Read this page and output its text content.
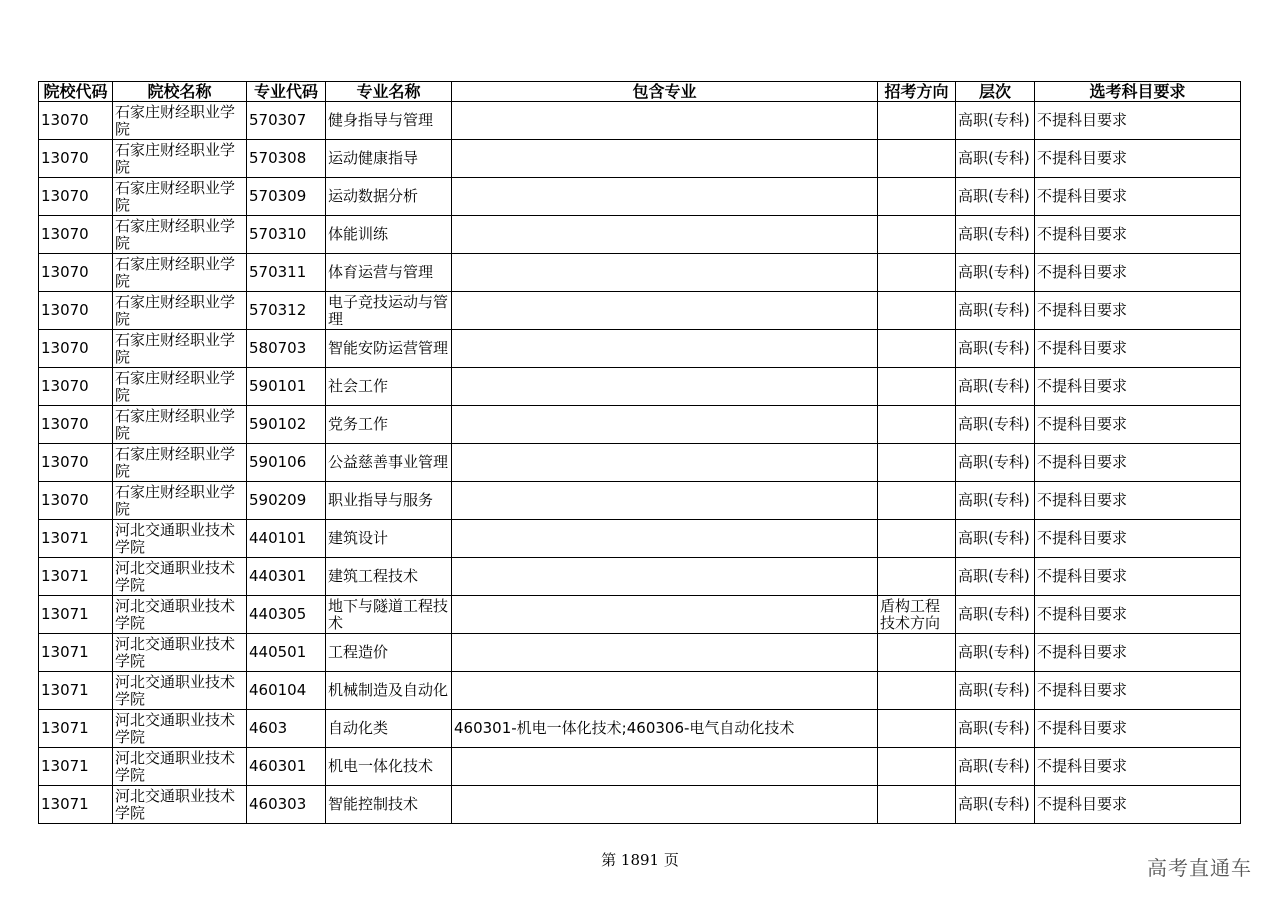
院校代码	院校名称	专业代码	专业名称	包含专业	招考方向	层次	选考科目要求
13070	石家庄财经职业学院	570307	健身指导与管理			高职(专科)	不提科目要求
13070	石家庄财经职业学院	570308	运动健康指导			高职(专科)	不提科目要求
13070	石家庄财经职业学院	570309	运动数据分析			高职(专科)	不提科目要求
13070	石家庄财经职业学院	570310	体能训练			高职(专科)	不提科目要求
13070	石家庄财经职业学院	570311	体育运营与管理			高职(专科)	不提科目要求
13070	石家庄财经职业学院	570312	电子竞技运动与管理			高职(专科)	不提科目要求
13070	石家庄财经职业学院	580703	智能安防运营管理			高职(专科)	不提科目要求
13070	石家庄财经职业学院	590101	社会工作			高职(专科)	不提科目要求
13070	石家庄财经职业学院	590102	党务工作			高职(专科)	不提科目要求
13070	石家庄财经职业学院	590106	公益慈善事业管理			高职(专科)	不提科目要求
13070	石家庄财经职业学院	590209	职业指导与服务			高职(专科)	不提科目要求
13071	河北交通职业技术学院	440101	建筑设计			高职(专科)	不提科目要求
13071	河北交通职业技术学院	440301	建筑工程技术			高职(专科)	不提科目要求
13071	河北交通职业技术学院	440305	地下与隧道工程技术		盾构工程技术方向	高职(专科)	不提科目要求
13071	河北交通职业技术学院	440501	工程造价			高职(专科)	不提科目要求
13071	河北交通职业技术学院	460104	机械制造及自动化			高职(专科)	不提科目要求
13071	河北交通职业技术学院	4603	自动化类	460301-机电一体化技术;460306-电气自动化技术		高职(专科)	不提科目要求
13071	河北交通职业技术学院	460301	机电一体化技术			高职(专科)	不提科目要求
13071	河北交通职业技术学院	460303	智能控制技术			高职(专科)	不提科目要求
第 1891 页	高考直通车
